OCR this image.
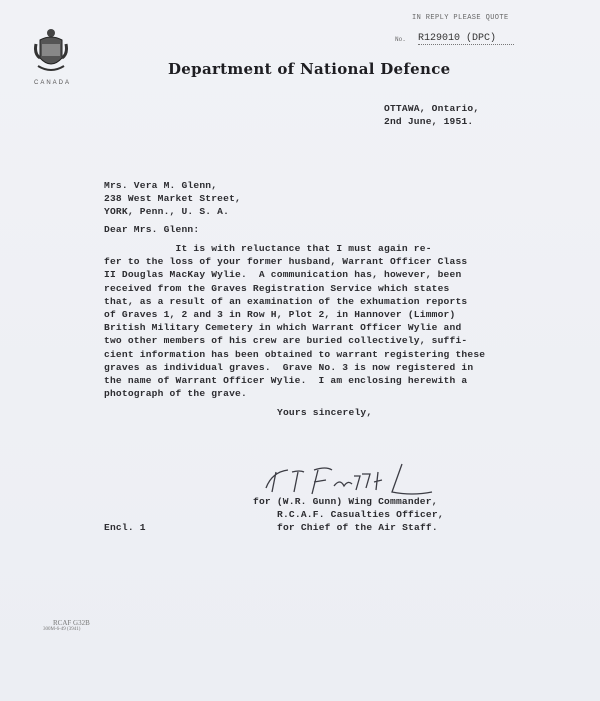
CANADA
IN REPLY PLEASE QUOTE
No. R129010 (DPC)
Department of National Defence
OTTAWA, Ontario,
2nd June, 1951.
Mrs. Vera M. Glenn,
238 West Market Street,
YORK, Penn., U. S. A.
Dear Mrs. Glenn:
It is with reluctance that I must again re-
fer to the loss of your former husband, Warrant Officer Class
II Douglas MacKay Wylie.  A communication has, however, been
received from the Graves Registration Service which states
that, as a result of an examination of the exhumation reports
of Graves 1, 2 and 3 in Row H, Plot 2, in Hannover (Limmor)
British Military Cemetery in which Warrant Officer Wylie and
two other members of his crew are buried collectively, suffi-
cient information has been obtained to warrant registering these
graves as individual graves.  Grave No. 3 is now registered in
the name of Warrant Officer Wylie.  I am enclosing herewith a
photograph of the grave.
Yours sincerely,
for (W.R. Gunn) Wing Commander,
R.C.A.F. Casualties Officer,
for Chief of the Air Staff.
Encl. 1
RCAF G32B
300M-6-49 (3941)
